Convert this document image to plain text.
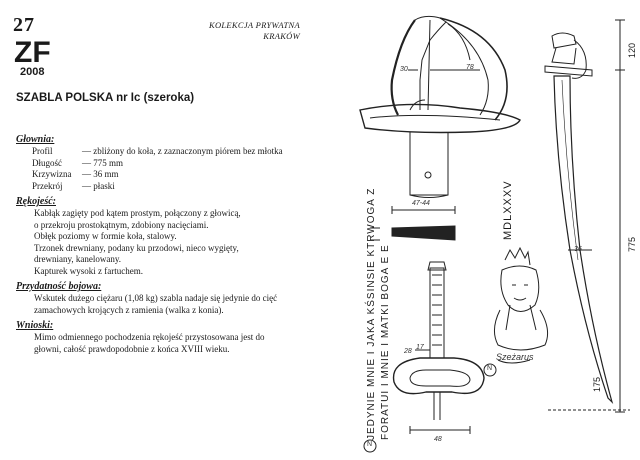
27
ZF
2008
KOLEKCJA PRYWATNA
KRAKÓW
SZABLA POLSKA nr Ic (szeroka)
Głownia:
Profil	— zbliżony do koła, z zaznaczonym piórem bez młotka
Długość — 775 mm
Krzywizna — 36 mm
Przekrój — płaski
Rękojeść:
Kabłąk zagięty pod kątem prostym, połączony z głowicą,
o przekroju prostokątnym, zdobiony nacięciami.
Obłęk poziomy w formie koła, stalowy.
Trzonek drewniany, podany ku przodowi, nieco wygięty,
drewniany, kanelowany.
Kapturek wysoki z fartuchem.
Przydatność bojowa:
Wskutek dużego ciężaru (1,08 kg) szabla nadaje się jedynie do cięć
zamachowych krojących z ramienia (walka z konia).
Wnioski:
Mimo odmiennego pochodzenia rękojeść przystosowana jest do
głowni, całość prawdopodobnie z końca XVIII wieku.	JEDYNIE MNIE I JAKA KŚSINSIE KTRWOGA Z FORATUI I MNIE I MATKI BOGA E E
MDLXXXV
Szeżarus
N
N
30	78
47-44
17
28
48
120
775
36
175
